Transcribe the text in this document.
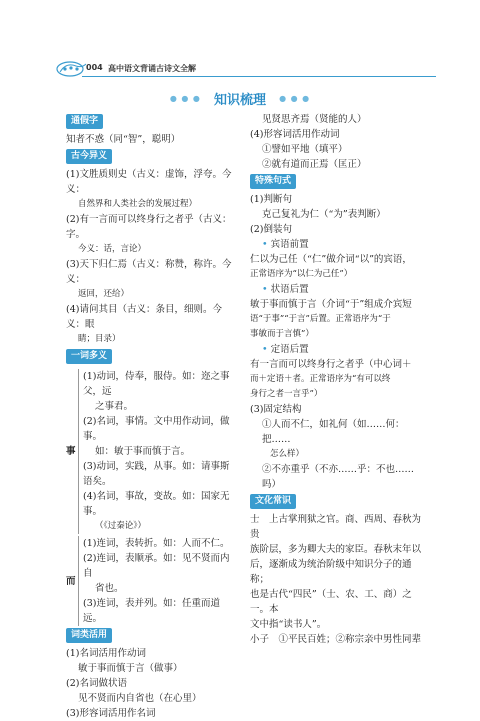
004 高中语文背诵古诗文全解
● ● ● 知识梳理 ● ● ●
通假字

知者不惑（同“智”，聪明）

古今异义

(1)文胜质则史（古义：虚饰，浮夸。今义：

自然界和人类社会的发展过程）

(2)有一言而可以终身行之者乎（古义：字。

今义：话，言论）

(3)天下归仁焉（古义：称赞，称许。今义：

返回，还给）

(4)请问其目（古义：条目，细则。今义：眼

睛；目录）

一词多义
事

(1)动词，侍奉，服侍。如：迩之事父，远

之事君。

(2)名词，事情。文中用作动词，做事。

如：敏于事而慎于言。

(3)动词，实践，从事。如：请事斯语矣。

(4)名词，事故，变故。如：国家无事。

（《过秦论》）

而

(1)连词，表转折。如：人而不仁。

(2)连词，表顺承。如：见不贤而内自

省也。

(3)连词，表并列。如：任重而道远。

词类活用

(1)名词活用作动词

敏于事而慎于言（做事）

(2)名词做状语

见不贤而内自省也（在心里）

(3)形容词活用作名词

见贤思齐焉（贤能的人）

(4)形容词活用作动词

①譬如平地（填平）

②就有道而正焉（匡正）

特殊句式

(1)判断句

克己复礼为仁（“为”表判断）

(2)倒装句

• 宾语前置

仁以为己任（“仁”做介词“以”的宾语，

正常语序为“以仁为己任”）

• 状语后置

敏于事而慎于言（介词“于”组成介宾短

语“于事”“于言”后置。正常语序为“于

事敏而于言慎”）

• 定语后置

有一言而可以终身行之者乎（中心词＋

而＋定语＋者。正常语序为“有可以终

身行之者一言乎”）

(3)固定结构

①人而不仁，如礼何（如……何：把……

怎么样）

②不亦重乎（不亦……乎：不也……吗）

文化常识

士　上古掌刑狱之官。商、西周、春秋为贵

族阶层，多为卿大夫的家臣。春秋末年以

后，逐渐成为统治阶级中知识分子的通称；

也是古代“四民”（士、农、工、商）之一。本

文中指“读书人”。

小子　①平民百姓；②称宗亲中男性同辈
